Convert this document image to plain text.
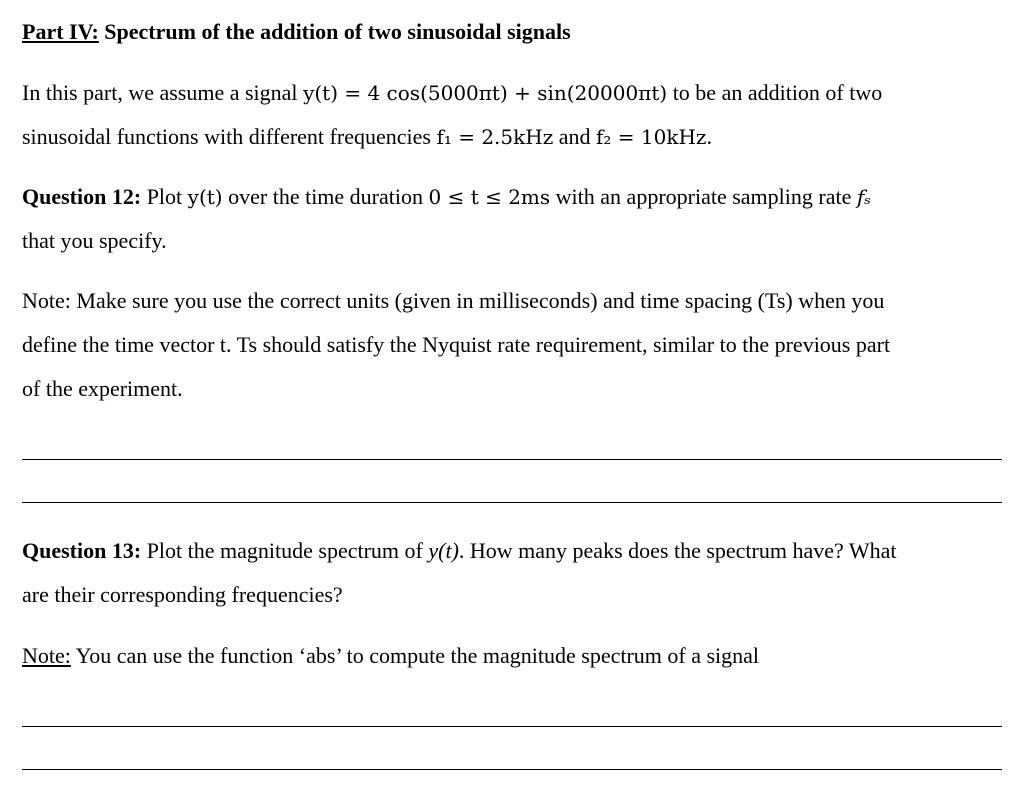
Part IV: Spectrum of the addition of two sinusoidal signals
In this part, we assume a signal y(t) = 4 cos(5000πt) + sin(20000πt) to be an addition of two
sinusoidal functions with different frequencies f₁ = 2.5kHz and f₂ = 10kHz.
Question 12: Plot y(t) over the time duration 0 ≤ t ≤ 2ms with an appropriate sampling rate fₛ
that you specify.
Note: Make sure you use the correct units (given in milliseconds) and time spacing (Ts) when you
define the time vector t. Ts should satisfy the Nyquist rate requirement, similar to the previous part
of the experiment.
Question 13: Plot the magnitude spectrum of y(t). How many peaks does the spectrum have? What
are their corresponding frequencies?
Note: You can use the function ‘abs’ to compute the magnitude spectrum of a signal
